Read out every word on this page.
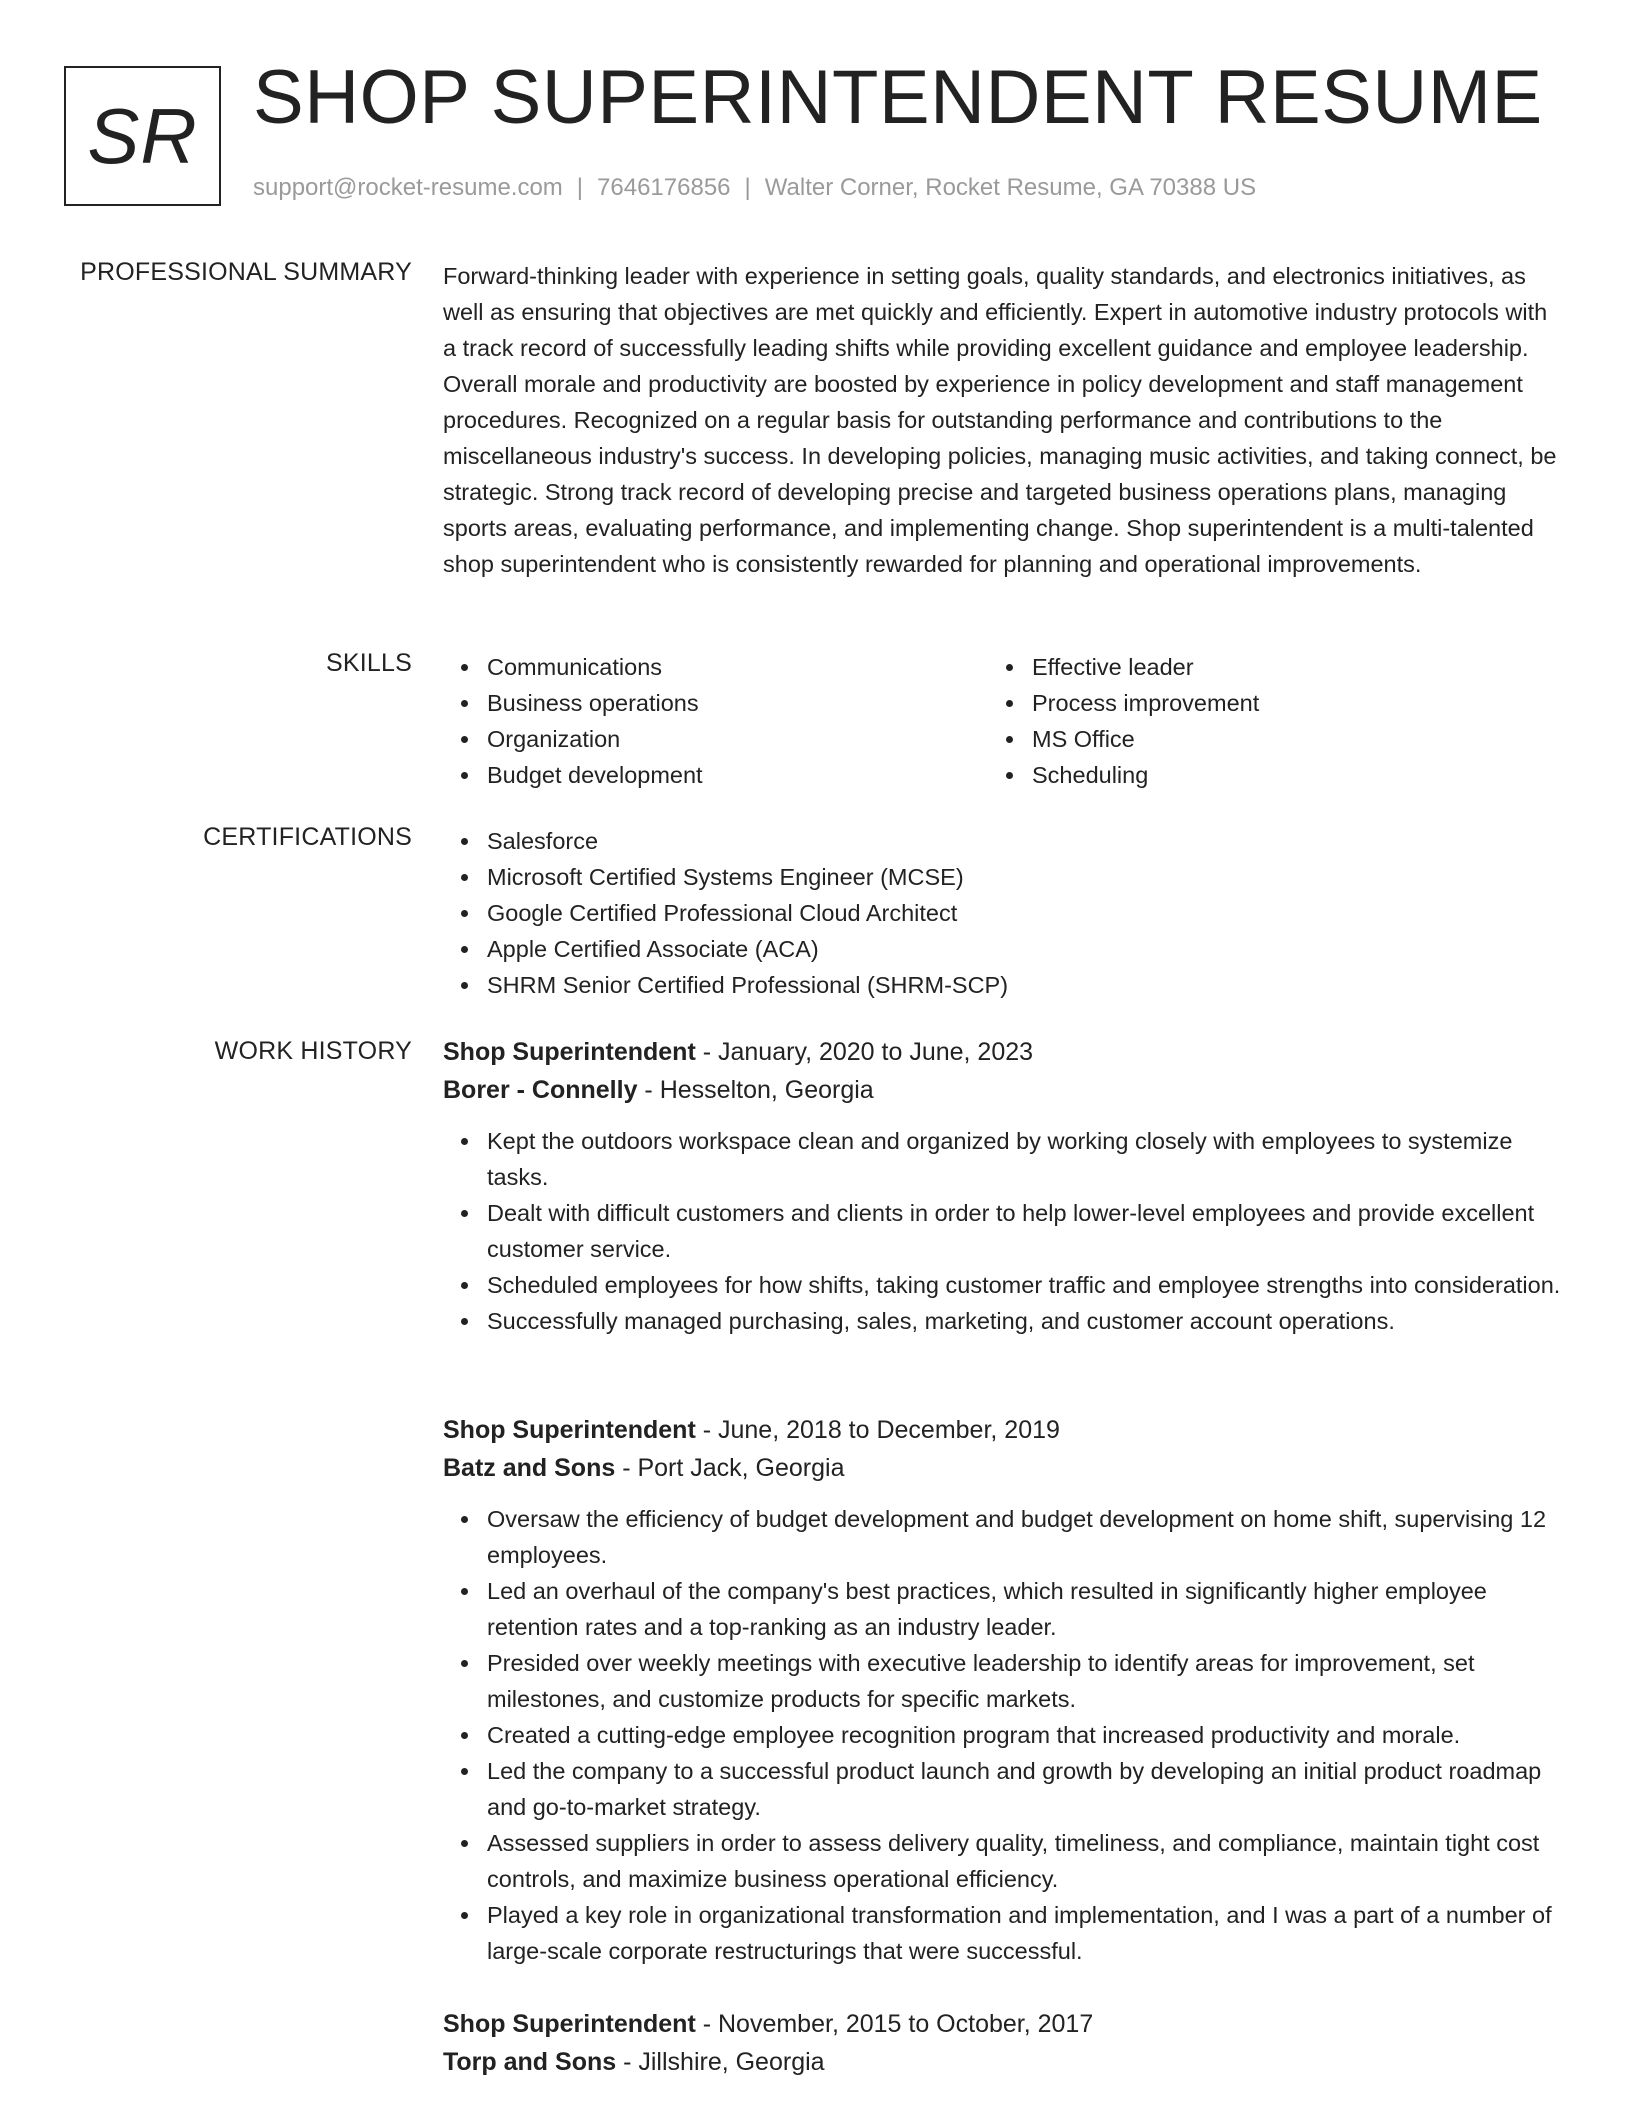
SR SHOP SUPERINTENDENT RESUME
support@rocket-resume.com | 7646176856 | Walter Corner, Rocket Resume, GA 70388 US
PROFESSIONAL SUMMARY Forward-thinking leader with experience in setting goals, quality standards, and electronics initiatives, as well as ensuring that objectives are met quickly and efficiently. Expert in automotive industry protocols with a track record of successfully leading shifts while providing excellent guidance and employee leadership. Overall morale and productivity are boosted by experience in policy development and staff management procedures. Recognized on a regular basis for outstanding performance and contributions to the miscellaneous industry's success. In developing policies, managing music activities, and taking connect, be strategic. Strong track record of developing precise and targeted business operations plans, managing sports areas, evaluating performance, and implementing change. Shop superintendent is a multi-talented shop superintendent who is consistently rewarded for planning and operational improvements.

SKILLS	Communications
Business operations
Organization
Budget development
Effective leader
Process improvement
MS Office
Scheduling
CERTIFICATIONS	Salesforce
Microsoft Certified Systems Engineer (MCSE)
Google Certified Professional Cloud Architect
Apple Certified Associate (ACA)
SHRM Senior Certified Professional (SHRM-SCP)
WORK HISTORY Shop Superintendent - January, 2020 to June, 2023
Borer - Connelly - Hesselton, Georgia
Kept the outdoors workspace clean and organized by working closely with employees to systemize tasks.
Dealt with difficult customers and clients in order to help lower-level employees and provide excellent customer service.
Scheduled employees for how shifts, taking customer traffic and employee strengths into consideration.
Successfully managed purchasing, sales, marketing, and customer account operations.
Shop Superintendent - June, 2018 to December, 2019
Batz and Sons - Port Jack, Georgia
Oversaw the efficiency of budget development and budget development on home shift, supervising 12 employees.
Led an overhaul of the company's best practices, which resulted in significantly higher employee retention rates and a top-ranking as an industry leader.
Presided over weekly meetings with executive leadership to identify areas for improvement, set milestones, and customize products for specific markets.
Created a cutting-edge employee recognition program that increased productivity and morale.
Led the company to a successful product launch and growth by developing an initial product roadmap and go-to-market strategy.
Assessed suppliers in order to assess delivery quality, timeliness, and compliance, maintain tight cost controls, and maximize business operational efficiency.
Played a key role in organizational transformation and implementation, and I was a part of a number of large-scale corporate restructurings that were successful.
Shop Superintendent - November, 2015 to October, 2017
Torp and Sons - Jillshire, Georgia
